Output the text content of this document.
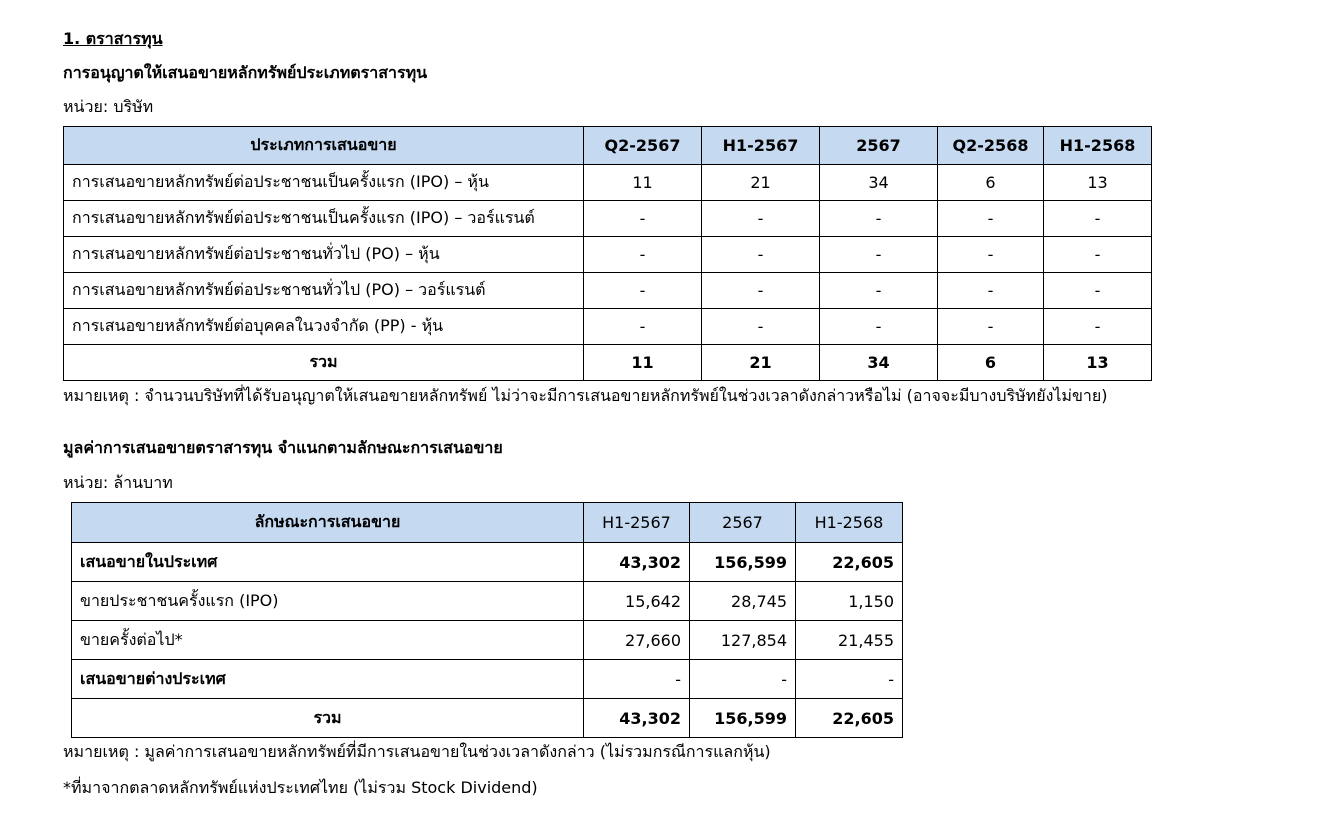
1. ตราสารทุน
การอนุญาตให้เสนอขายหลักทรัพย์ประเภทตราสารทุน
หน่วย: บริษัท
ประเภทการเสนอขาย	Q2-2567	H1-2567	2567	Q2-2568	H1-2568
การเสนอขายหลักทรัพย์ต่อประชาชนเป็นครั้งแรก (IPO) – หุ้น	11	21	34	6	13
การเสนอขายหลักทรัพย์ต่อประชาชนเป็นครั้งแรก (IPO) – วอร์แรนต์	-	-	-	-	-
การเสนอขายหลักทรัพย์ต่อประชาชนทั่วไป (PO) – หุ้น	-	-	-	-	-
การเสนอขายหลักทรัพย์ต่อประชาชนทั่วไป (PO) – วอร์แรนต์	-	-	-	-	-
การเสนอขายหลักทรัพย์ต่อบุคคลในวงจำกัด (PP) - หุ้น	-	-	-	-	-
รวม	11	21	34	6	13
หมายเหตุ : จำนวนบริษัทที่ได้รับอนุญาตให้เสนอขายหลักทรัพย์ ไม่ว่าจะมีการเสนอขายหลักทรัพย์ในช่วงเวลาดังกล่าวหรือไม่ (อาจจะมีบางบริษัทยังไม่ขาย)
มูลค่าการเสนอขายตราสารทุน จำแนกตามลักษณะการเสนอขาย
หน่วย: ล้านบาท
ลักษณะการเสนอขาย	H1-2567	2567	H1-2568
เสนอขายในประเทศ	43,302	156,599	22,605
ขายประชาชนครั้งแรก (IPO)	15,642	28,745	1,150
ขายครั้งต่อไป*	27,660	127,854	21,455
เสนอขายต่างประเทศ	-	-	-
รวม	43,302	156,599	22,605
หมายเหตุ : มูลค่าการเสนอขายหลักทรัพย์ที่มีการเสนอขายในช่วงเวลาดังกล่าว (ไม่รวมกรณีการแลกหุ้น)
*ที่มาจากตลาดหลักทรัพย์แห่งประเทศไทย (ไม่รวม Stock Dividend)
